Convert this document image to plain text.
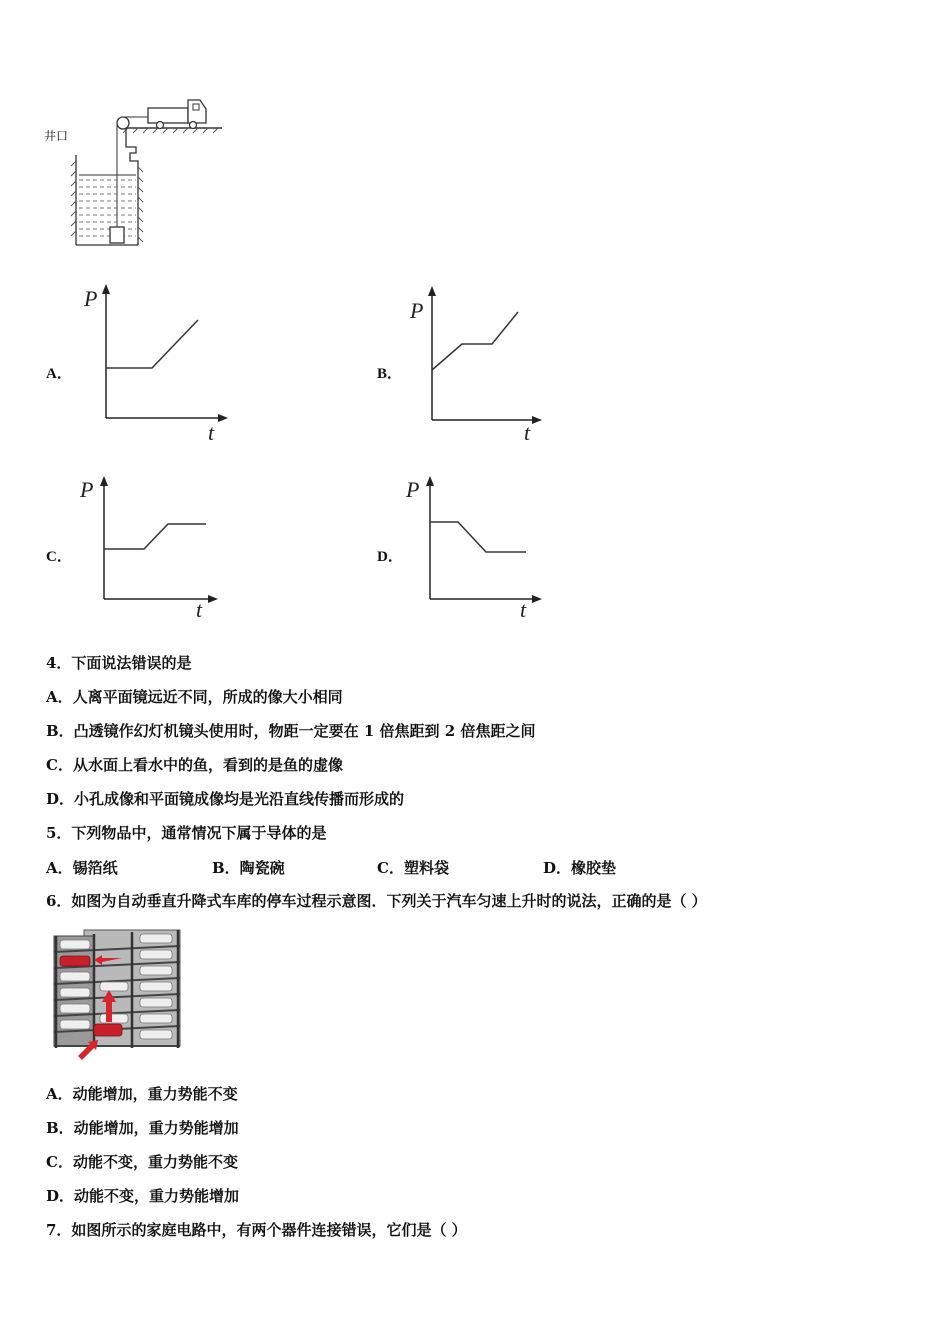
井口
A．
P
t
B．
P
t
C．
P
t
D．
P
t
4．下面说法错误的是
A．人离平面镜远近不同，所成的像大小相同
B．凸透镜作幻灯机镜头使用时，物距一定要在 1 倍焦距到 2 倍焦距之间
C．从水面上看水中的鱼，看到的是鱼的虚像
D．小孔成像和平面镜成像均是光沿直线传播而形成的
5．下列物品中，通常情况下属于导体的是
A．锡箔纸	B．陶瓷碗	C．塑料袋	D．橡胶垫
6．如图为自动垂直升降式车库的停车过程示意图．下列关于汽车匀速上升时的说法，正确的是（ ）
A．动能增加，重力势能不变
B．动能增加，重力势能增加
C．动能不变，重力势能不变
D．动能不变，重力势能增加
7．如图所示的家庭电路中，有两个器件连接错误，它们是（ ）
